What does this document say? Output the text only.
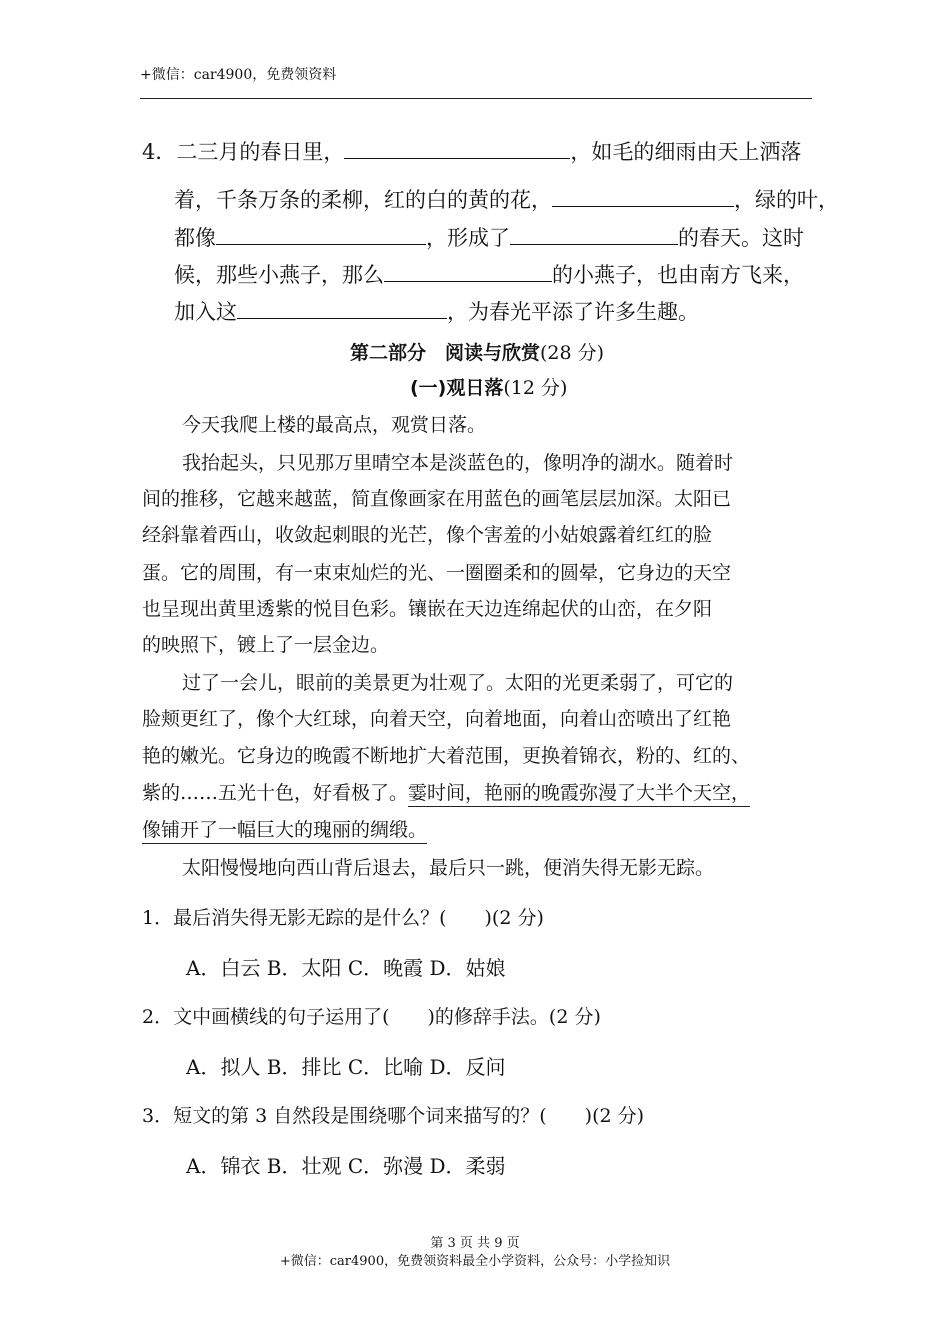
+微信：car4900，免费领资料
4．二三月的春日里，	，如毛的细雨由天上洒落
着，千条万条的柔柳，红的白的黄的花，	，绿的叶，
都像	，形成了	的春天。这时
候，那些小燕子，那么	的小燕子，也由南方飞来，
加入这	，为春光平添了许多生趣。
第二部分　阅读与欣赏(28 分)
(一)观日落(12 分)
今天我爬上楼的最高点，观赏日落。
我抬起头，只见那万里晴空本是淡蓝色的，像明净的湖水。随着时
间的推移，它越来越蓝，简直像画家在用蓝色的画笔层层加深。太阳已
经斜靠着西山，收敛起刺眼的光芒，像个害羞的小姑娘露着红红的脸
蛋。它的周围，有一束束灿烂的光、一圈圈柔和的圆晕，它身边的天空
也呈现出黄里透紫的悦目色彩。镶嵌在天边连绵起伏的山峦，在夕阳
的映照下，镀上了一层金边。
过了一会儿，眼前的美景更为壮观了。太阳的光更柔弱了，可它的
脸颊更红了，像个大红球，向着天空，向着地面，向着山峦喷出了红艳
艳的嫩光。它身边的晚霞不断地扩大着范围，更换着锦衣，粉的、红的、
紫的……五光十色，好看极了。霎时间，艳丽的晚霞弥漫了大半个天空，
像铺开了一幅巨大的瑰丽的绸缎。
太阳慢慢地向西山背后退去，最后只一跳，便消失得无影无踪。
1．最后消失得无影无踪的是什么？(　　)(2 分)
A．白云 B．太阳 C．晚霞 D．姑娘
2．文中画横线的句子运用了(　　)的修辞手法。(2 分)
A．拟人 B．排比 C．比喻 D．反问
3．短文的第 3 自然段是围绕哪个词来描写的？(　　)(2 分)
A．锦衣 B．壮观 C．弥漫 D．柔弱
第 3 页 共 9 页
+微信：car4900，免费领资料最全小学资料，公众号：小学捡知识
